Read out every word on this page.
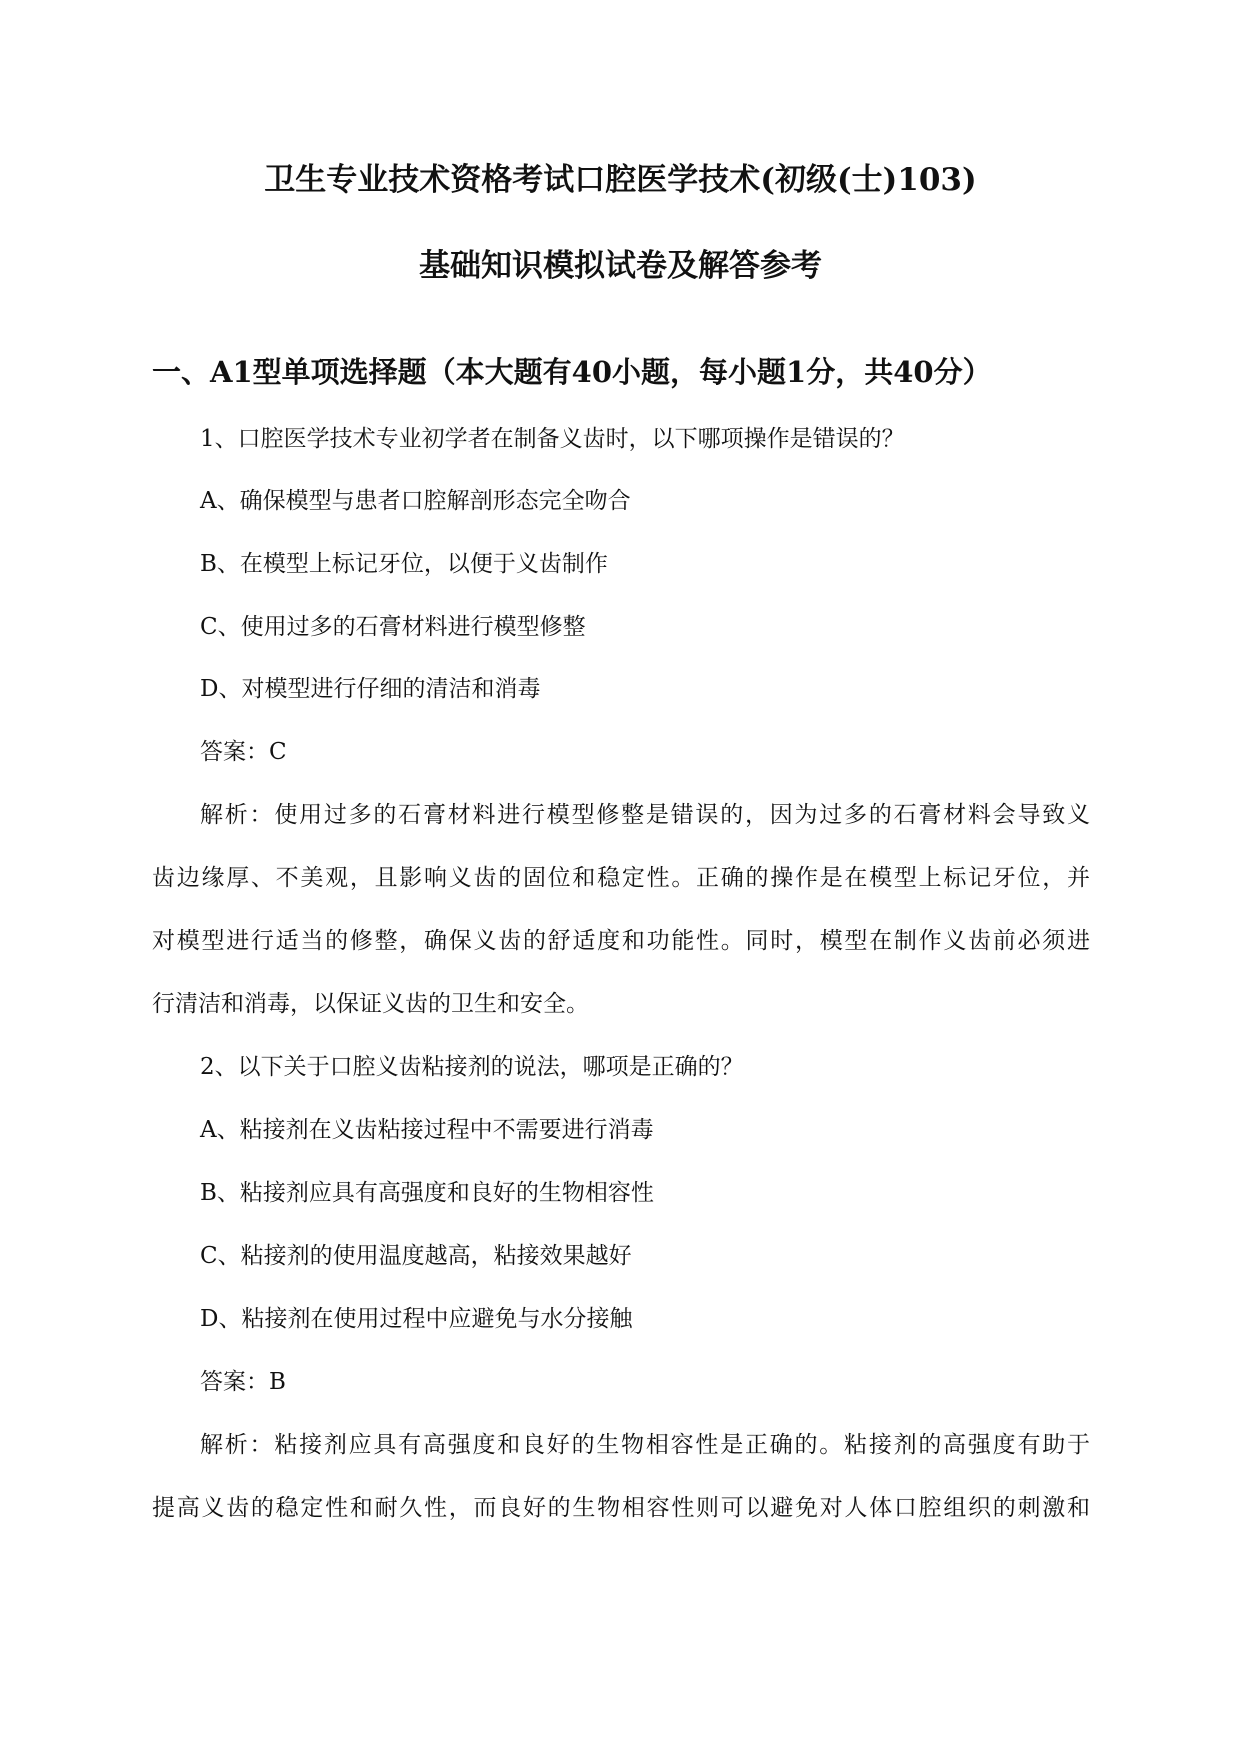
卫生专业技术资格考试口腔医学技术(初级(士)103)
基础知识模拟试卷及解答参考
一、A1型单项选择题（本大题有40小题，每小题1分，共40分）
1、口腔医学技术专业初学者在制备义齿时，以下哪项操作是错误的？
A、确保模型与患者口腔解剖形态完全吻合
B、在模型上标记牙位，以便于义齿制作
C、使用过多的石膏材料进行模型修整
D、对模型进行仔细的清洁和消毒
答案：C
解析：使用过多的石膏材料进行模型修整是错误的，因为过多的石膏材料会导致义
齿边缘厚、不美观，且影响义齿的固位和稳定性。正确的操作是在模型上标记牙位，并
对模型进行适当的修整，确保义齿的舒适度和功能性。同时，模型在制作义齿前必须进
行清洁和消毒，以保证义齿的卫生和安全。
2、以下关于口腔义齿粘接剂的说法，哪项是正确的？
A、粘接剂在义齿粘接过程中不需要进行消毒
B、粘接剂应具有高强度和良好的生物相容性
C、粘接剂的使用温度越高，粘接效果越好
D、粘接剂在使用过程中应避免与水分接触
答案：B
解析：粘接剂应具有高强度和良好的生物相容性是正确的。粘接剂的高强度有助于
提高义齿的稳定性和耐久性，而良好的生物相容性则可以避免对人体口腔组织的刺激和
